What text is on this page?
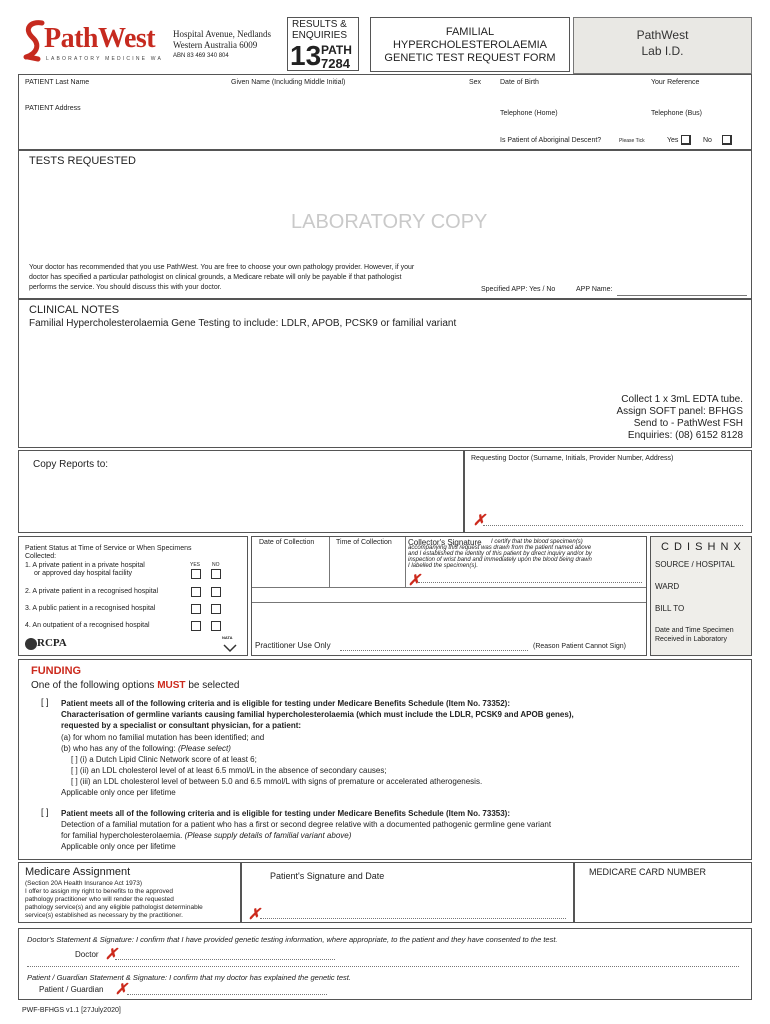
PathWest
LABORATORY MEDICINE WA
Hospital Avenue, Nedlands
Western Australia 6009
ABN 83 469 340 804
RESULTS &
ENQUIRIES
13 PATH
7284
FAMILIAL
HYPERCHOLESTEROLAEMIA
GENETIC TEST REQUEST FORM
PathWest
Lab I.D.
PATIENT Last Name	Given Name (Including Middle Initial)	Sex	Date of Birth	Your Reference
PATIENT Address
Telephone (Home)	Telephone (Bus)
Is Patient of Aboriginal Descent?	Please Tick	Yes	No
TESTS REQUESTED
LABORATORY COPY
Your doctor has recommended that you use PathWest. You are free to choose your own pathology provider. However, if your
doctor has specified a particular pathologist on clinical grounds, a Medicare rebate will only be payable if that pathologist
performs the service. You should discuss this with your doctor.	Specified APP: Yes / No	APP Name:
CLINICAL NOTES
Familial Hypercholesterolaemia Gene Testing to include: LDLR, APOB, PCSK9 or familial variant
Collect 1 x 3mL EDTA tube.
Assign SOFT panel: BFHGS
Send to - PathWest FSH
Enquiries: (08) 6152 8128
Copy Reports to:
Requesting Doctor (Surname, Initials, Provider Number, Address)
✗
Patient Status at Time of Service or When Specimens
Collected:
YES NO
1. A private patient in a private hospital
or approved day hospital facility
2. A private patient in a recognised hospital
3. A public patient in a recognised hospital
4. An outpatient of a recognised hospital
RCPA	NATA
Date of Collection	Time of Collection Collector's Signature I certify that the blood specimen(s)
accompanying this request was drawn from the patient named above
and I established the identity of this patient by direct inquiry and/or by
inspection of wrist band and immediately upon the blood being drawn
I labelled the specimen(s).
✗
Practitioner Use Only	(Reason Patient Cannot Sign)
C D I S H N X
SOURCE / HOSPITAL
WARD
BILL TO
Date and Time Specimen
Received in Laboratory
FUNDING
One of the following options MUST be selected
[ ] Patient meets all of the following criteria and is eligible for testing under Medicare Benefits Schedule (Item No. 73352):
Characterisation of germline variants causing familial hypercholesterolaemia (which must include the LDLR, PCSK9 and APOB genes),
requested by a specialist or consultant physician, for a patient:
(a) for whom no familial mutation has been identified; and
(b) who has any of the following: (Please select)
[ ] (i) a Dutch Lipid Clinic Network score of at least 6;
[ ] (ii) an LDL cholesterol level of at least 6.5 mmol/L in the absence of secondary causes;
[ ] (iii) an LDL cholesterol level of between 5.0 and 6.5 mmol/L with signs of premature or accelerated atherogenesis.
Applicable only once per lifetime
[ ] Patient meets all of the following criteria and is eligible for testing under Medicare Benefits Schedule (Item No. 73353):
Detection of a familial mutation for a patient who has a first or second degree relative with a documented pathogenic germline gene variant
for familial hypercholesterolaemia. (Please supply details of familial variant above)
Applicable only once per lifetime
Medicare Assignment
(Section 20A Health Insurance Act 1973)
I offer to assign my right to benefits to the approved
pathology practitioner who will render the requested
pathology service(s) and any eligible pathologist determinable
service(s) established as necessary by the practitioner.
Patient's Signature and Date
✗
MEDICARE CARD NUMBER
Doctor's Statement & Signature: I confirm that I have provided genetic testing information, where appropriate, to the patient and they have consented to the test.
Doctor ✗
Patient / Guardian Statement & Signature: I confirm that my doctor has explained the genetic test.
Patient / Guardian ✗
PWF-BFHGS v1.1 [27July2020]
